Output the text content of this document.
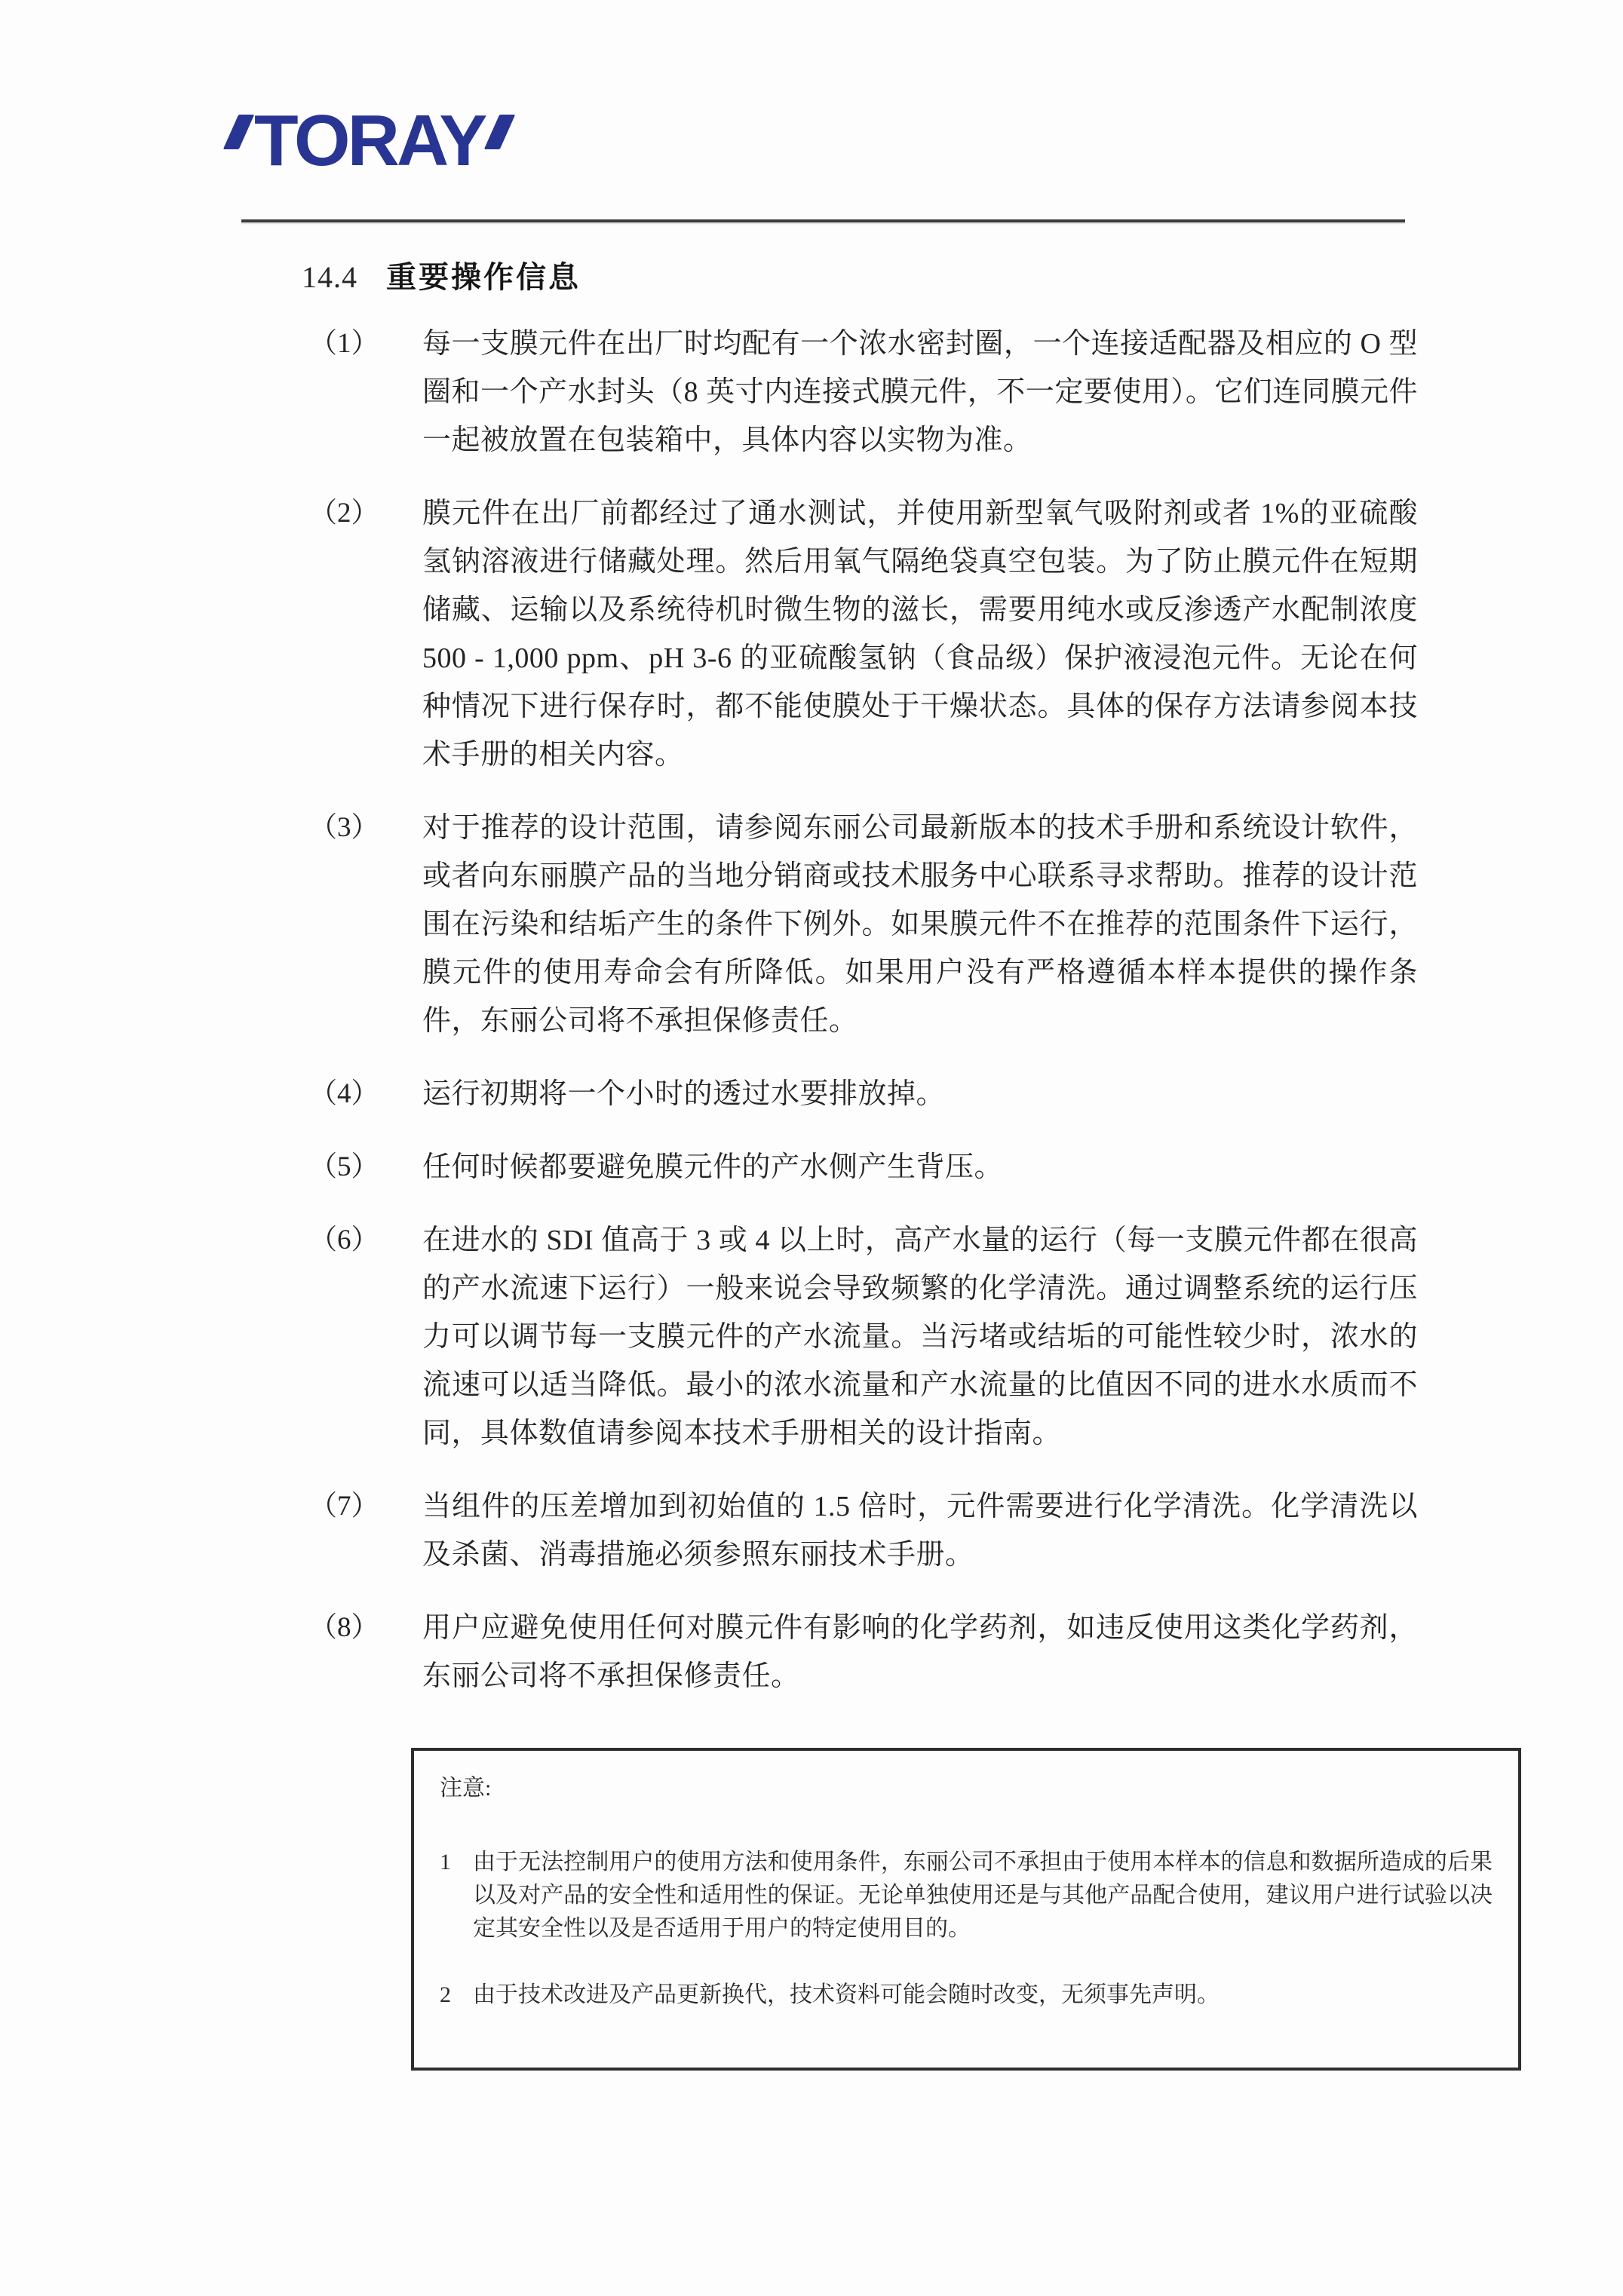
TORAY
14.4 重要操作信息
（1）	每一支膜元件在出厂时均配有一个浓水密封圈，一个连接适配器及相应的 O 型圈和一个产水封头（8 英寸内连接式膜元件，不一定要使用）。它们连同膜元件一起被放置在包装箱中，具体内容以实物为准。

（2）	膜元件在出厂前都经过了通水测试，并使用新型氧气吸附剂或者 1%的亚硫酸氢钠溶液进行储藏处理。然后用氧气隔绝袋真空包装。为了防止膜元件在短期储藏、运输以及系统待机时微生物的滋长，需要用纯水或反渗透产水配制浓度 500 - 1,000 ppm、pH 3-6 的亚硫酸氢钠（食品级）保护液浸泡元件。无论在何种情况下进行保存时，都不能使膜处于干燥状态。具体的保存方法请参阅本技术手册的相关内容。

（3）	对于推荐的设计范围，请参阅东丽公司最新版本的技术手册和系统设计软件，或者向东丽膜产品的当地分销商或技术服务中心联系寻求帮助。推荐的设计范围在污染和结垢产生的条件下例外。如果膜元件不在推荐的范围条件下运行，膜元件的使用寿命会有所降低。如果用户没有严格遵循本样本提供的操作条件，东丽公司将不承担保修责任。

（4）	运行初期将一个小时的透过水要排放掉。

（5）	任何时候都要避免膜元件的产水侧产生背压。

（6）	在进水的 SDI 值高于 3 或 4 以上时，高产水量的运行（每一支膜元件都在很高的产水流速下运行）一般来说会导致频繁的化学清洗。通过调整系统的运行压力可以调节每一支膜元件的产水流量。当污堵或结垢的可能性较少时，浓水的流速可以适当降低。最小的浓水流量和产水流量的比值因不同的进水水质而不同，具体数值请参阅本技术手册相关的设计指南。

（7）	当组件的压差增加到初始值的 1.5 倍时，元件需要进行化学清洗。化学清洗以及杀菌、消毒措施必须参照东丽技术手册。

（8）	用户应避免使用任何对膜元件有影响的化学药剂，如违反使用这类化学药剂，东丽公司将不承担保修责任。

注意:
1 由于无法控制用户的使用方法和使用条件，东丽公司不承担由于使用本样本的信息和数据所造成的后果以及对产品的安全性和适用性的保证。无论单独使用还是与其他产品配合使用，建议用户进行试验以决定其安全性以及是否适用于用户的特定使用目的。

2 由于技术改进及产品更新换代，技术资料可能会随时改变，无须事先声明。
